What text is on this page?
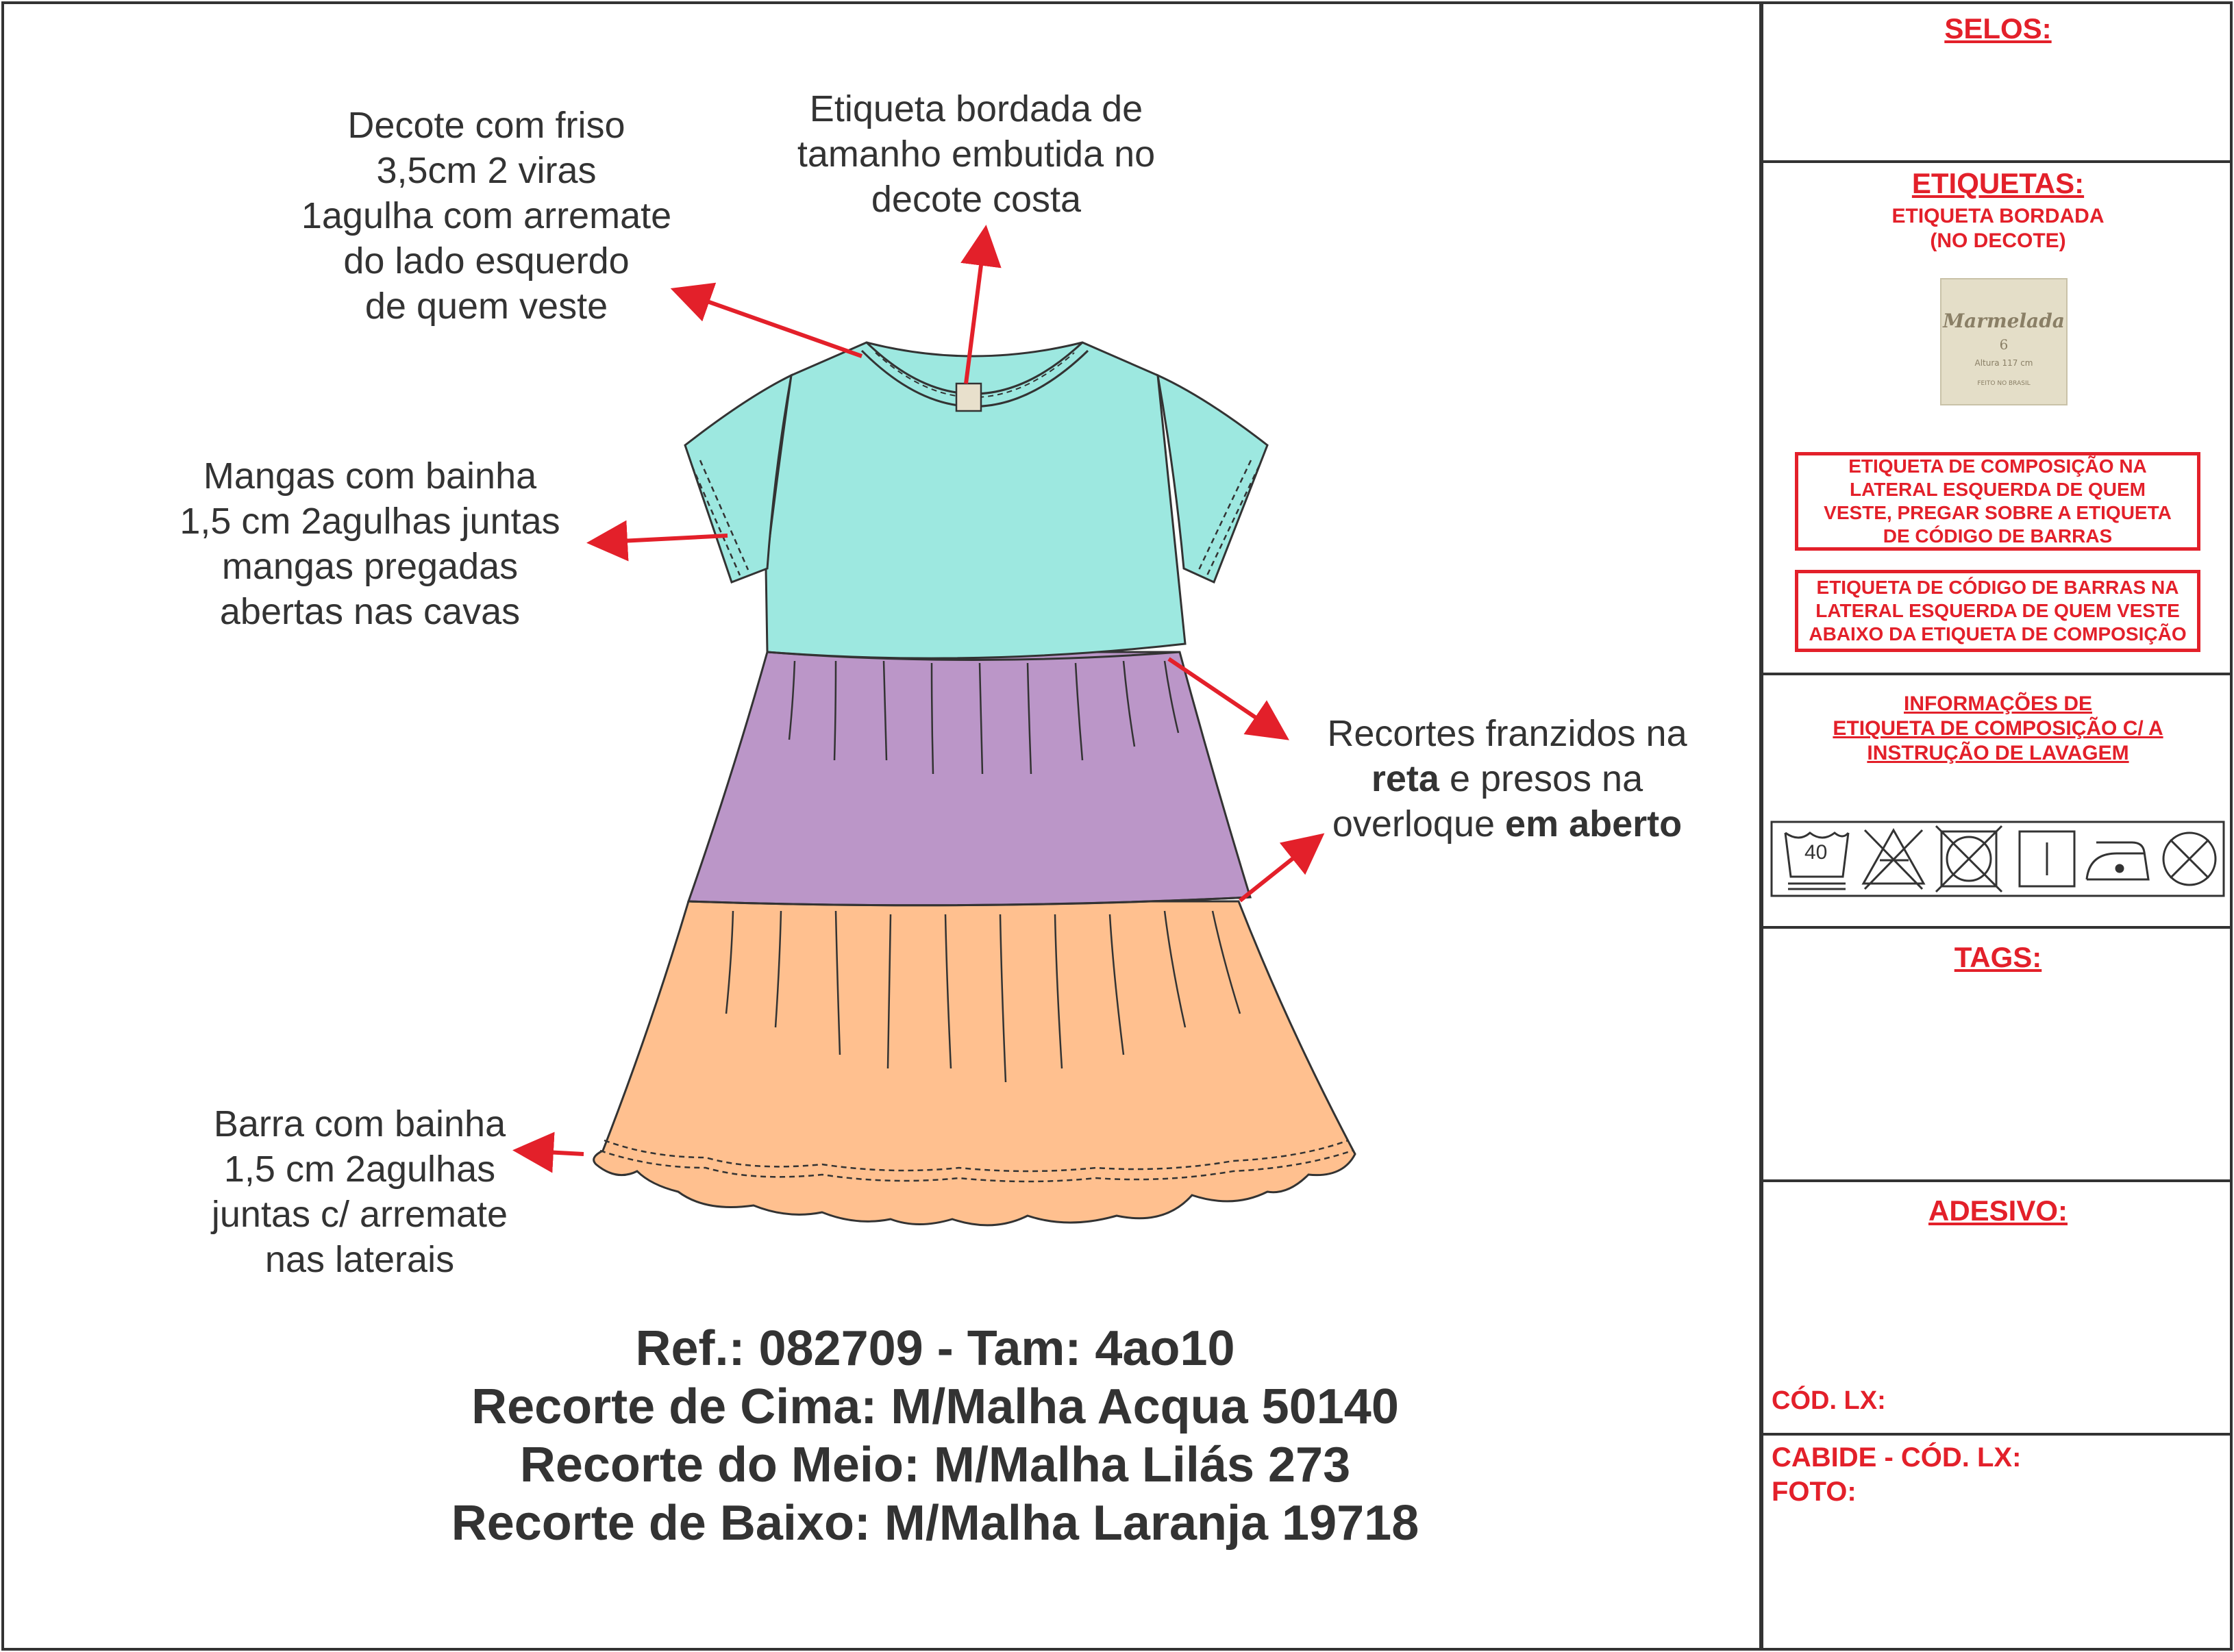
40
Decote com friso
3,5cm 2 viras
1agulha com arremate
do lado esquerdo
de quem veste
Etiqueta bordada de
tamanho embutida no
decote costa
Mangas com bainha
1,5 cm 2agulhas juntas
mangas pregadas
abertas nas cavas
Recortes franzidos na
reta e presos na
overloque em aberto
Barra com bainha
1,5 cm 2agulhas
juntas c/ arremate
nas laterais
Ref.: 082709 - Tam: 4ao10
Recorte de Cima: M/Malha Acqua 50140
Recorte do Meio: M/Malha Lilás 273
Recorte de Baixo: M/Malha Laranja 19718
SELOS:
ETIQUETAS:
ETIQUETA BORDADA
(NO DECOTE)
Marmelada
6
Altura 117 cm
FEITO NO BRASIL
ETIQUETA DE COMPOSIÇÃO NA
LATERAL ESQUERDA DE QUEM
VESTE, PREGAR SOBRE A ETIQUETA
DE CÓDIGO DE BARRAS
ETIQUETA DE CÓDIGO DE BARRAS NA
LATERAL ESQUERDA DE QUEM VESTE
ABAIXO DA ETIQUETA DE COMPOSIÇÃO
INFORMAÇÕES DE
ETIQUETA DE COMPOSIÇÃO C/ A
INSTRUÇÃO DE LAVAGEM
TAGS:
ADESIVO:
CÓD. LX:
CABIDE - CÓD. LX:
FOTO:
